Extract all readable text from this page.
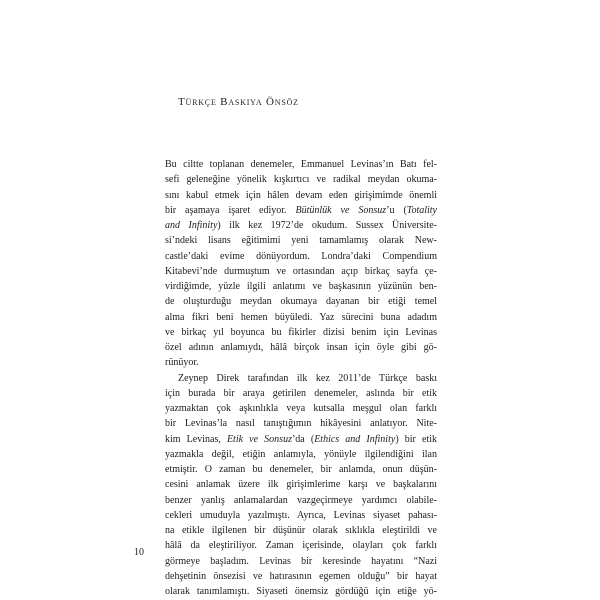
Türkçe Baskıya Önsöz
Bu ciltte toplanan denemeler, Emmanuel Levinas’ın Batı fel-
sefi geleneğine yönelik kışkırtıcı ve radikal meydan okuma-
sını kabul etmek için hâlen devam eden girişimimde önemli
bir aşamaya işaret ediyor. Bütünlük ve Sonsuz’u (Totality
and Infinity) ilk kez 1972’de okudum. Sussex Üniversite-
si’ndeki lisans eğitimimi yeni tamamlamış olarak New-
castle’daki evime dönüyordum. Londra’daki Compendium
Kitabevi’nde durmuştum ve ortasından açıp birkaç sayfa çe-
virdiğimde, yüzle ilgili anlatımı ve başkasının yüzünün ben-
de oluşturduğu meydan okumaya dayanan bir etiği temel
alma fikri beni hemen büyüledi. Yaz sürecini buna adadım
ve birkaç yıl boyunca bu fikirler dizisi benim için Levinas
özel adının anlamıydı, hâlâ birçok insan için öyle gibi gö-
rünüyor.
Zeynep Direk tarafından ilk kez 2011’de Türkçe baskı
için burada bir araya getirilen denemeler, aslında bir etik
yazmaktan çok aşkınlıkla veya kutsalla meşgul olan farklı
bir Levinas’la nasıl tanıştığımın hikâyesini anlatıyor. Nite-
kim Levinas, Etik ve Sonsuz’da (Ethics and Infinity) bir etik
yazmakla değil, etiğin anlamıyla, yönüyle ilgilendiğini ilan
etmiştir. O zaman bu denemeler, bir anlamda, onun düşün-
cesini anlamak üzere ilk girişimlerime karşı ve başkalarını
benzer yanlış anlamalardan vazgeçirmeye yardımcı olabile-
cekleri umuduyla yazılmıştı. Ayrıca, Levinas siyaset pahası-
na etikle ilgilenen bir düşünür olarak sıklıkla eleştirildi ve
hâlâ da eleştiriliyor. Zaman içerisinde, olayları çok farklı
görmeye başladım. Levinas bir keresinde hayatını “Nazi
dehşetinin önsezisi ve hatırasının egemen olduğu” bir hayat
olarak tanımlamıştı. Siyaseti önemsiz gördüğü için etiğe yö-

10
